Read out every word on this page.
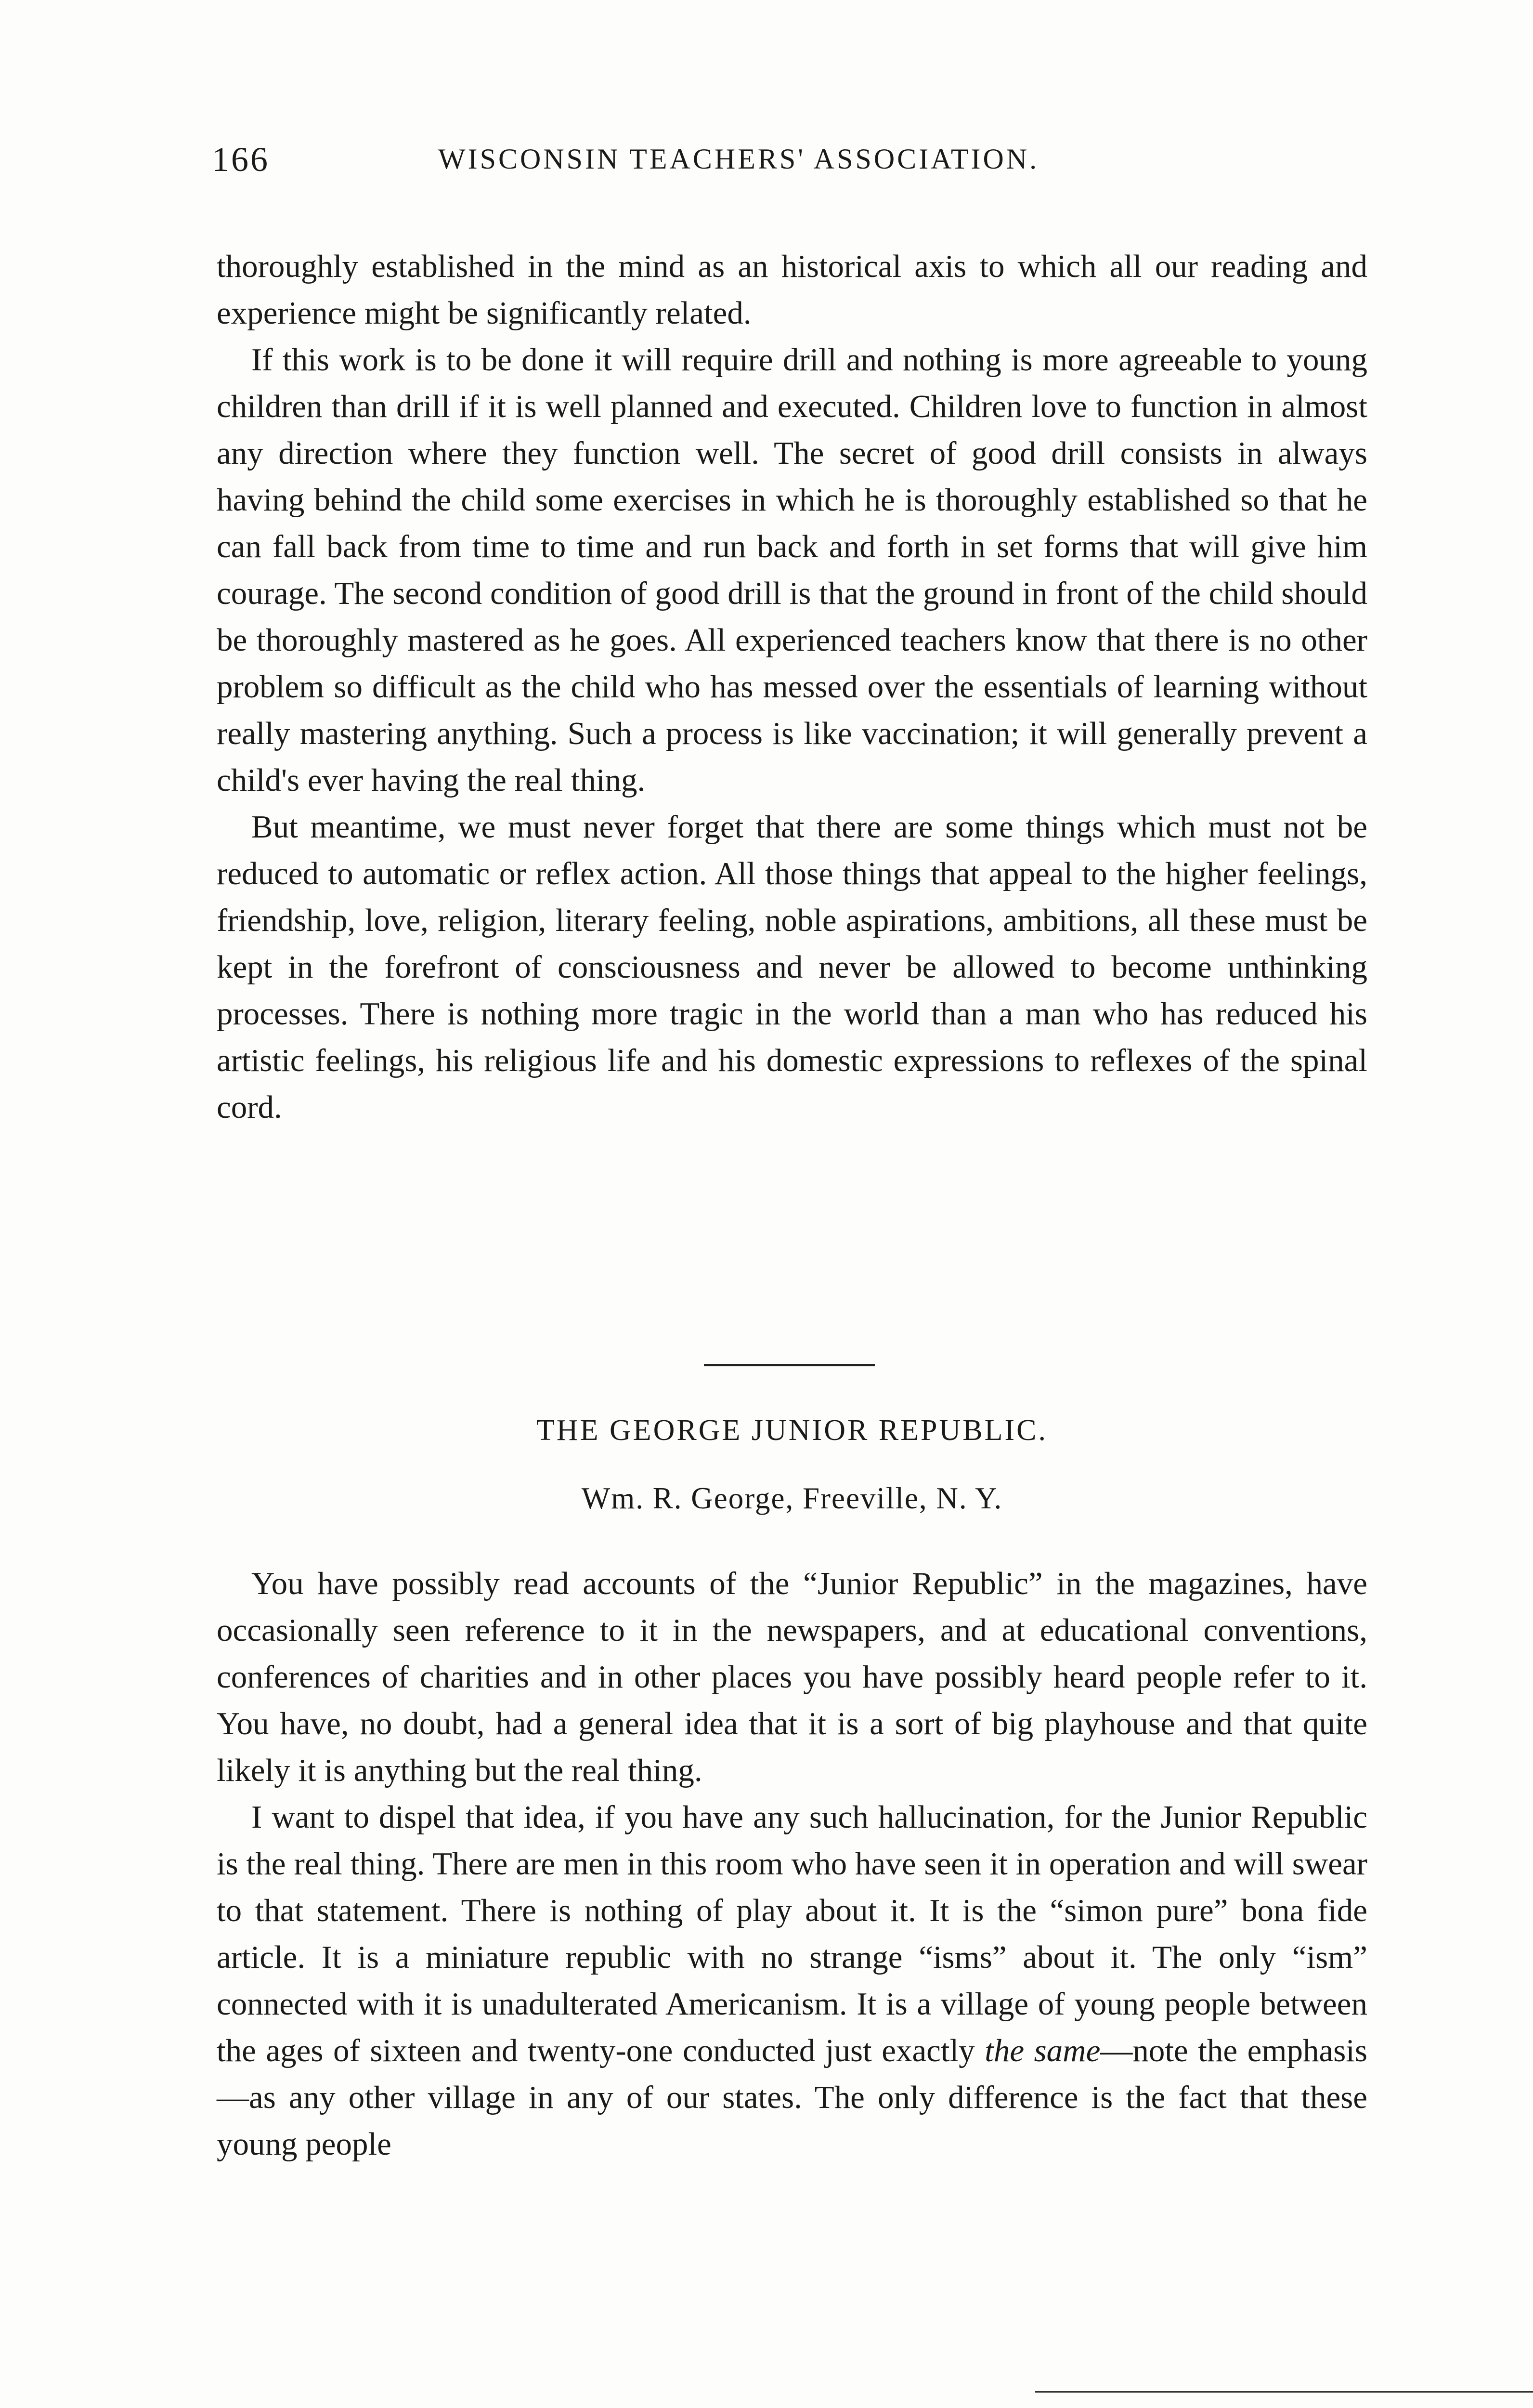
166	WISCONSIN TEACHERS' ASSOCIATION.

thoroughly established in the mind as an historical axis to which all our reading and experience might be significantly related.

If this work is to be done it will require drill and nothing is more agreeable to young children than drill if it is well planned and executed. Children love to function in almost any direction where they function well. The secret of good drill consists in always having behind the child some exercises in which he is thoroughly established so that he can fall back from time to time and run back and forth in set forms that will give him courage. The second condition of good drill is that the ground in front of the child should be thoroughly mastered as he goes. All experienced teachers know that there is no other problem so difficult as the child who has messed over the essentials of learning without really mastering anything. Such a process is like vaccination; it will generally prevent a child's ever having the real thing.

But meantime, we must never forget that there are some things which must not be reduced to automatic or reflex action. All those things that appeal to the higher feelings, friendship, love, religion, literary feeling, noble aspirations, ambitions, all these must be kept in the forefront of consciousness and never be allowed to become unthinking processes. There is nothing more tragic in the world than a man who has reduced his artistic feelings, his religious life and his domestic expressions to reflexes of the spinal cord.

THE GEORGE JUNIOR REPUBLIC.
Wm. R. George, Freeville, N. Y.

You have possibly read accounts of the “Junior Republic” in the magazines, have occasionally seen reference to it in the newspapers, and at educational conventions, conferences of charities and in other places you have possibly heard people refer to it. You have, no doubt, had a general idea that it is a sort of big playhouse and that quite likely it is anything but the real thing.

I want to dispel that idea, if you have any such hallucination, for the Junior Republic is the real thing. There are men in this room who have seen it in operation and will swear to that statement. There is nothing of play about it. It is the “simon pure” bona fide article. It is a miniature republic with no strange “isms” about it. The only “ism” connected with it is unadulterated Americanism. It is a village of young people between the ages of sixteen and twenty-one conducted just exactly the same—note the emphasis—as any other village in any of our states. The only difference is the fact that these young people
